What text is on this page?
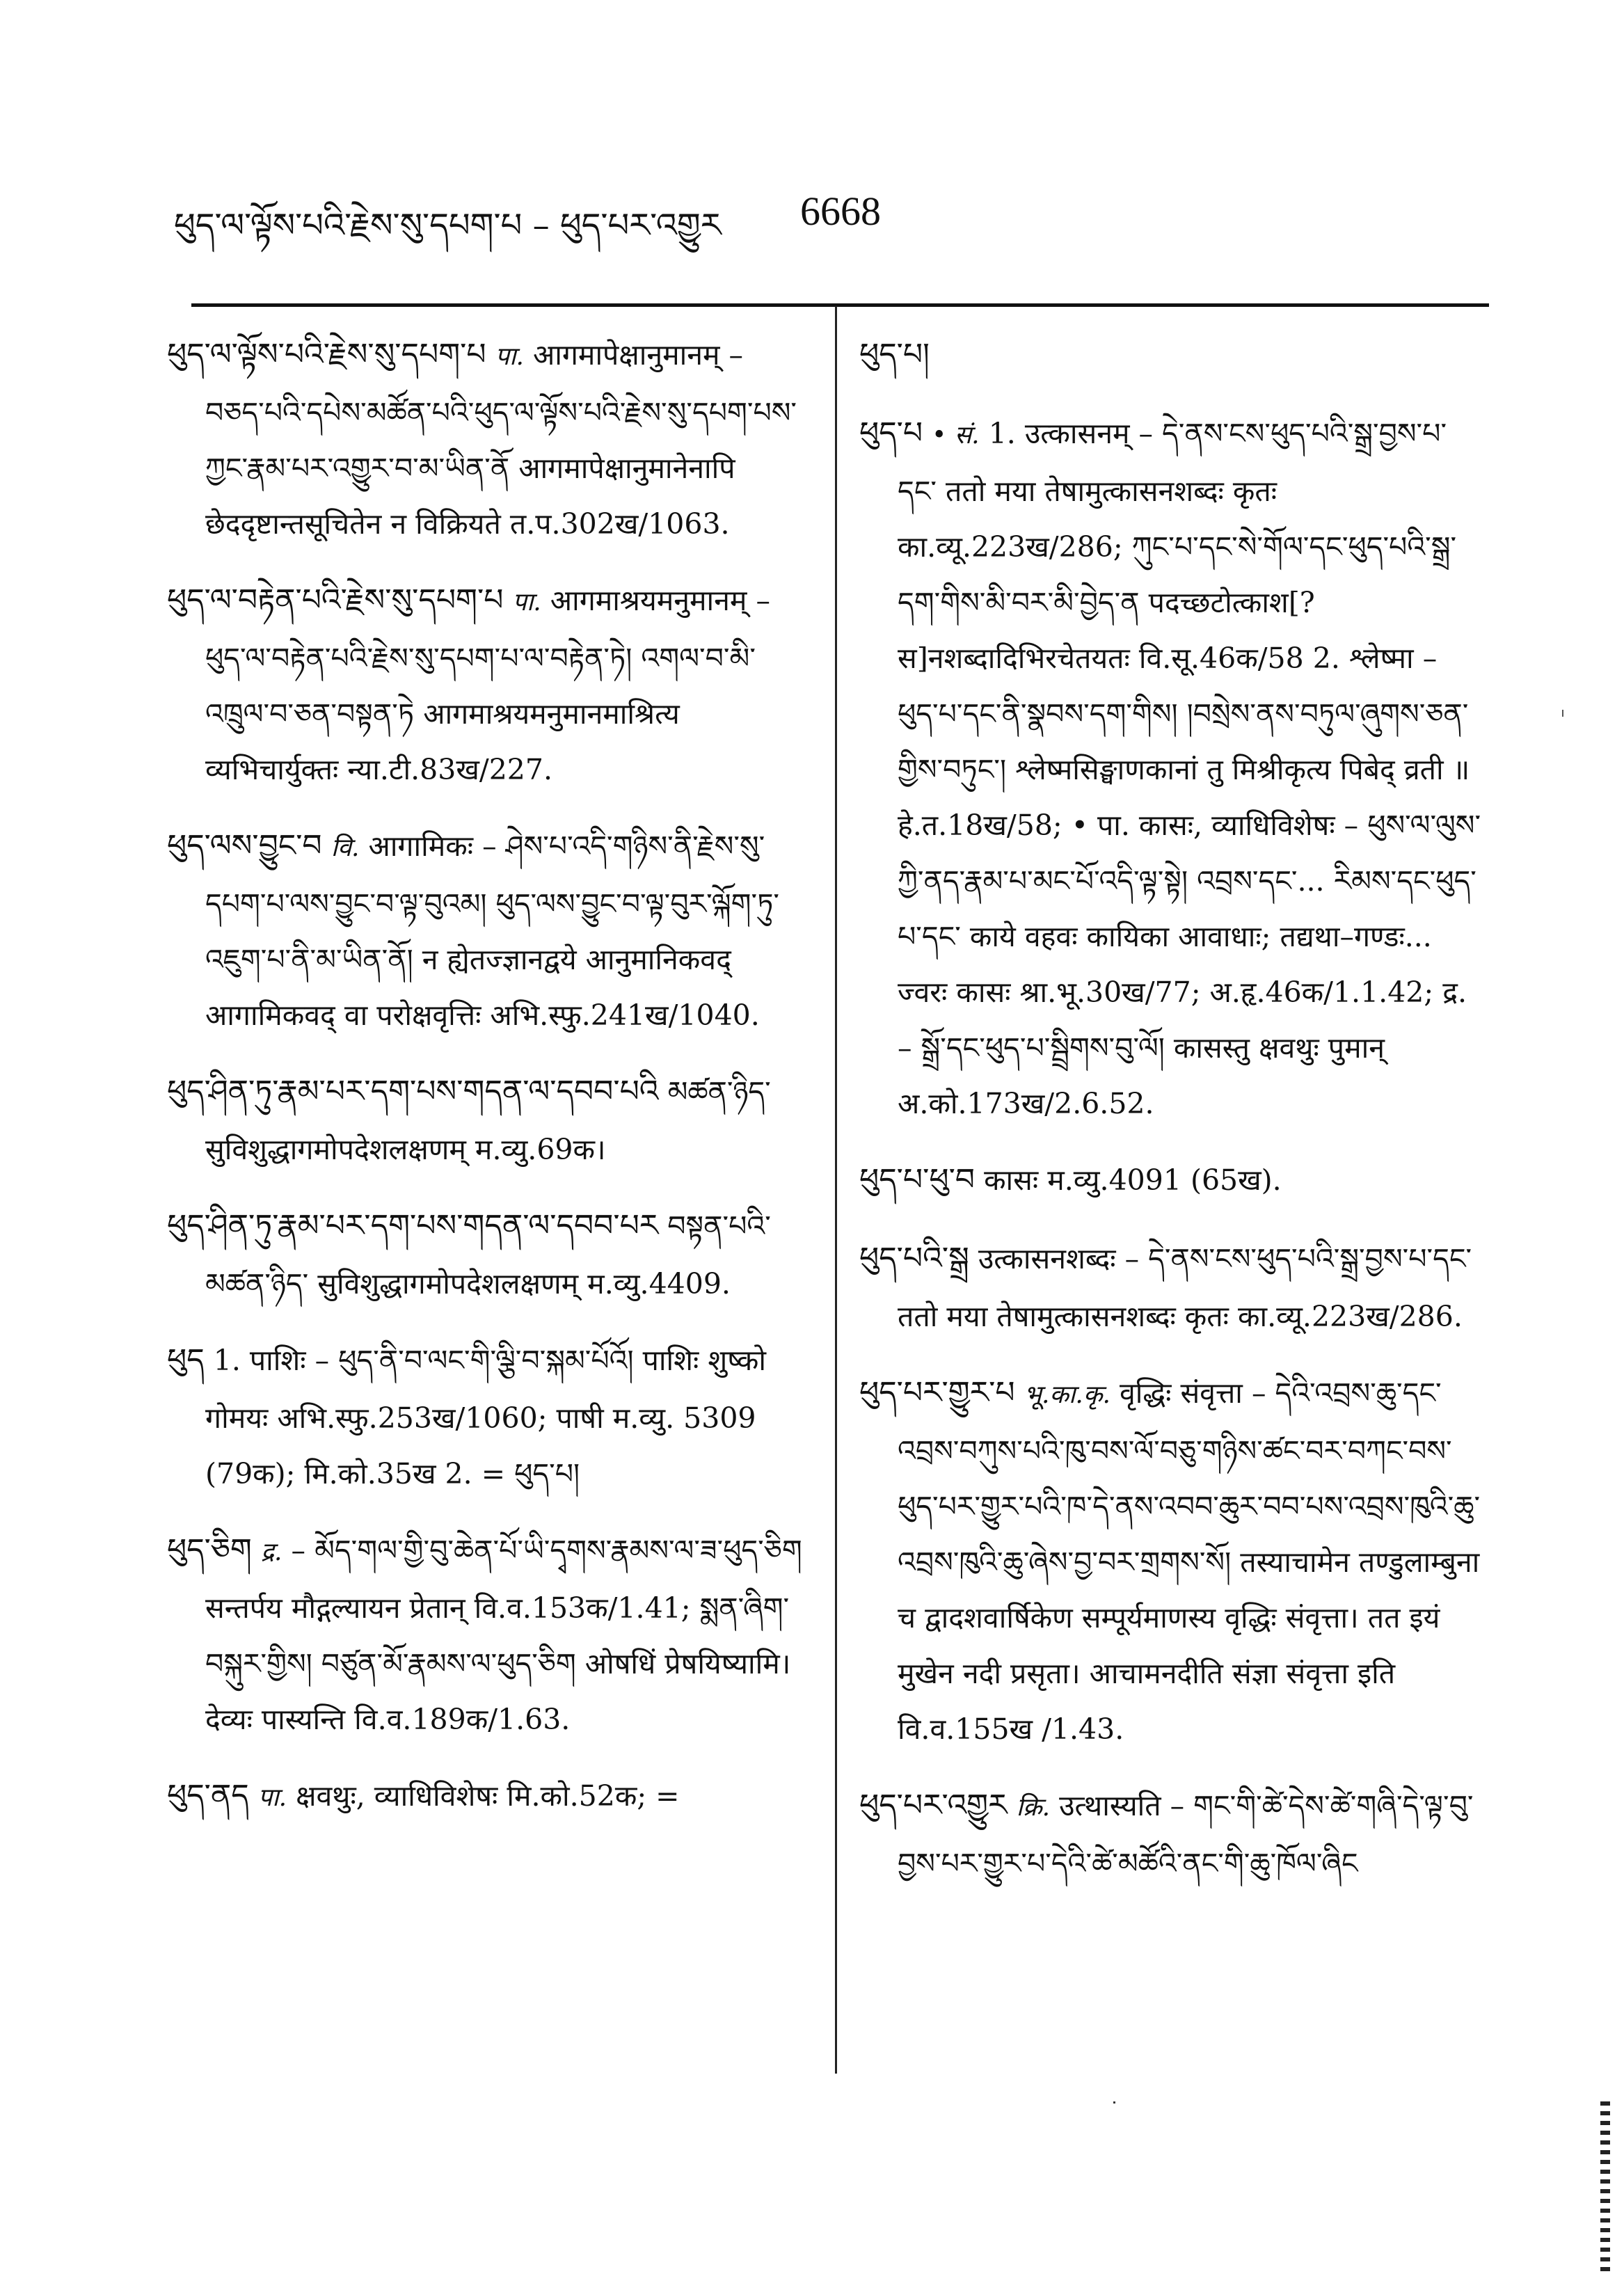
ཕུད་ལ་ལྟོས་པའི་རྗེས་སུ་དཔག་པ – ཕུད་པར་འགྱུར 6668
ཕུད་ལ་ལྟོས་པའི་རྗེས་སུ་དཔག་པ पा. आगमापेक्षानुमानम् – བཅད་པའི་དཔེས་མཚོན་པའི་ཕུད་ལ་ལྟོས་པའི་རྗེས་སུ་དཔག་པས་ཀྱང་རྣམ་པར་འགྱུར་བ་མ་ཡིན་ནོ आगमापेक्षानुमानेनापि छेददृष्टान्तसूचितेन न विक्रियते त.प.302ख/1063.
ཕུད་ལ་བརྟེན་པའི་རྗེས་སུ་དཔག་པ पा. आगमाश्रयमनुमानम् – ཕུད་ལ་བརྟེན་པའི་རྗེས་སུ་དཔག་པ་ལ་བརྟེན་ཏེ། འགལ་བ་མི་འཁྲུལ་བ་ཅན་བསྟན་ཏེ आगमाश्रयमनुमानमाश्रित्य व्यभिचार्युक्तः न्या.टी.83ख/227.
ཕུད་ལས་བྱུང་བ वि. आगामिकः – ཤེས་པ་འདི་གཉིས་ནི་རྗེས་སུ་དཔག་པ་ལས་བྱུང་བ་ལྟ་བུའམ། ཕུད་ལས་བྱུང་བ་ལྟ་བུར་ལྐོག་ཏུ་འཇུག་པ་ནི་མ་ཡིན་ནོ། न ह्येतज्ज्ञानद्वये आनुमानिकवद् आगामिकवद् वा परोक्षवृत्तिः अभि.स्फु.241ख/1040.
ཕུད་ཤིན་ཏུ་རྣམ་པར་དག་པས་གདན་ལ་དབབ་པའི མཚན་ཉིད་ सुविशुद्धागमोपदेशलक्षणम् म.व्यु.69क।
ཕུད་ཤིན་ཏུ་རྣམ་པར་དག་པས་གདན་ལ་དབབ་པར བསྟན་པའི་མཚན་ཉིད་ सुविशुद्धागमोपदेशलक्षणम् म.व्यु.4409.
ཕུད 1. पाशिः – ཕུད་ནི་བ་ལང་གི་ལྕི་བ་སྐམ་པོའོ། पाशिः शुष्को गोमयः अभि.स्फु.253ख/1060; पाषी म.व्यु. 5309 (79क); मि.को.35ख 2. = ཕུད་པ།
ཕུད་ཅིག द्र. – མོད་གལ་གྱི་བུ་ཆེན་པོ་ཡི་དྭགས་རྣམས་ལ་ཟ་ཕུད་ཅིག सन्तर्पय मौद्गल्यायन प्रेतान् वि.व.153क/1.41; སྨན་ཞིག་བསྐུར་གྱིས། བཙུན་མོ་རྣམས་ལ་ཕུད་ཅིག ओषधिं प्रेषयिष्यामि। देव्यः पास्यन्ति वि.व.189क/1.63.
ཕུད་ནད पा. क्षवथुः, व्याधिविशेषः मि.को.52क; =
ཕུད་པ།
ཕུད་པ • सं. 1. उत्कासनम् – དེ་ནས་ངས་ཕུད་པའི་སྒྲ་བྱས་པ་དང་ ततो मया तेषामुत्कासनशब्दः कृतः का.व्यू.223ख/286; ཀུང་པ་དང་སེ་གོལ་དང་ཕུད་པའི་སྒྲ་དག་གིས་མི་བར་མི་བྱེད་ན पदच्छटोत्काश[? स]नशब्दादिभिरचेतयतः वि.सू.46क/58 2. श्लेष्मा – ཕུད་པ་དང་ནི་སྣབས་དག་གིས། །བསྲེས་ནས་བཏུལ་ཞུགས་ཅན་གྱིས་བཏུང་། श्लेष्मसिङ्घाणकानां तु मिश्रीकृत्य पिबेद् व्रती ॥ हे.त.18ख/58; • पा. कासः, व्याधिविशेषः – ཕུས་ལ་ལུས་ཀྱི་ནད་རྣམ་པ་མང་པོ་འདི་ལྟ་སྟེ། འབྲས་དང་... རིམས་དང་ཕུད་པ་དང་ काये वहवः कायिका आवाधाः; तद्यथा–गण्डः... ज्वरः कासः श्रा.भू.30ख/77; अ.हृ.46क/1.1.42; द्र. – སྒྲོ་དང་ཕུད་པ་སྦྲིགས་བུ་ལོ། कासस्तु क्षवथुः पुमान् अ.को.173ख/2.6.52.
ཕུད་པ་ཕུ་བ कासः म.व्यु.4091 (65ख).
ཕུད་པའི་སྒྲ उत्कासनशब्दः – དེ་ནས་ངས་ཕུད་པའི་སྒྲ་བྱས་པ་དང་ ततो मया तेषामुत्कासनशब्दः कृतः का.व्यू.223ख/286.
ཕུད་པར་གྱུར་པ भू.का.कृ. वृद्धिः संवृत्ता – དེའི་འབྲས་ཆུ་དང་འབྲས་བཀུས་པའི་ཁུ་བས་ལོ་བཅུ་གཉིས་ཚང་བར་བཀང་བས་ཕུད་པར་གྱུར་པའི་ཁ་དེ་ནས་འབབ་ཆུར་བབ་པས་འབྲས་ཁུའི་ཆུ་འབྲས་ཁུའི་ཆུ་ཞེས་བྱ་བར་གྲགས་སོ། तस्याचामेन तण्डुलाम्बुना च द्वादशवार्षिकेण सम्पूर्यमाणस्य वृद्धिः संवृत्ता। तत इयं मुखेन नदी प्रसृता। आचामनदीति संज्ञा संवृत्ता इति वि.व.155ख /1.43.
ཕུད་པར་འགྱུར क्रि. उत्थास्यति – གང་གི་ཚེ་དེས་ཚེ་གཞི་དེ་ལྟ་བུ་བྱས་པར་གྱུར་པ་དེའི་ཚེ་མཚོའི་ནང་གི་ཆུ་ཁོལ་ཞིང
